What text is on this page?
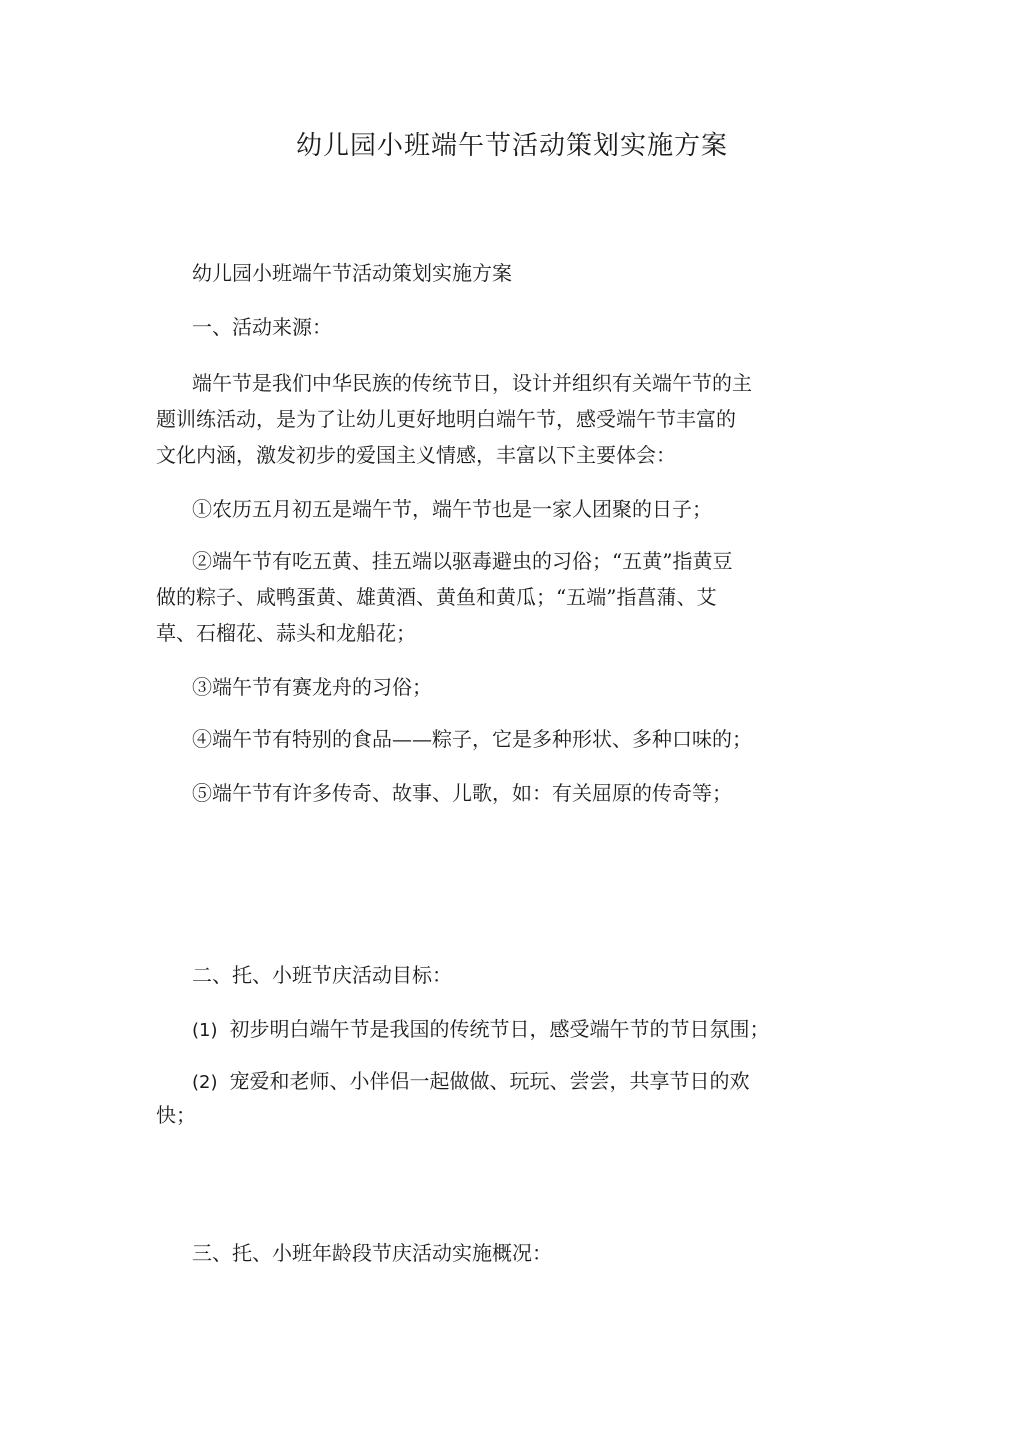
幼儿园小班端午节活动策划实施方案

幼儿园小班端午节活动策划实施方案

一、活动来源：

端午节是我们中华民族的传统节日，设计并组织有关端午节的主

题训练活动，是为了让幼儿更好地明白端午节，感受端午节丰富的

文化内涵，激发初步的爱国主义情感，丰富以下主要体会：

①农历五月初五是端午节，端午节也是一家人团聚的日子；

②端午节有吃五黄、挂五端以驱毒避虫的习俗；“五黄”指黄豆

做的粽子、咸鸭蛋黄、雄黄酒、黄鱼和黄瓜；“五端”指菖蒲、艾

草、石榴花、蒜头和龙船花；

③端午节有赛龙舟的习俗；

④端午节有特别的食品——粽子，它是多种形状、多种口味的；

⑤端午节有许多传奇、故事、儿歌，如：有关屈原的传奇等；

二、托、小班节庆活动目标：

(1) 初步明白端午节是我国的传统节日，感受端午节的节日氛围；

(2) 宠爱和老师、小伴侣一起做做、玩玩、尝尝，共享节日的欢

快；

三、托、小班年龄段节庆活动实施概况：
